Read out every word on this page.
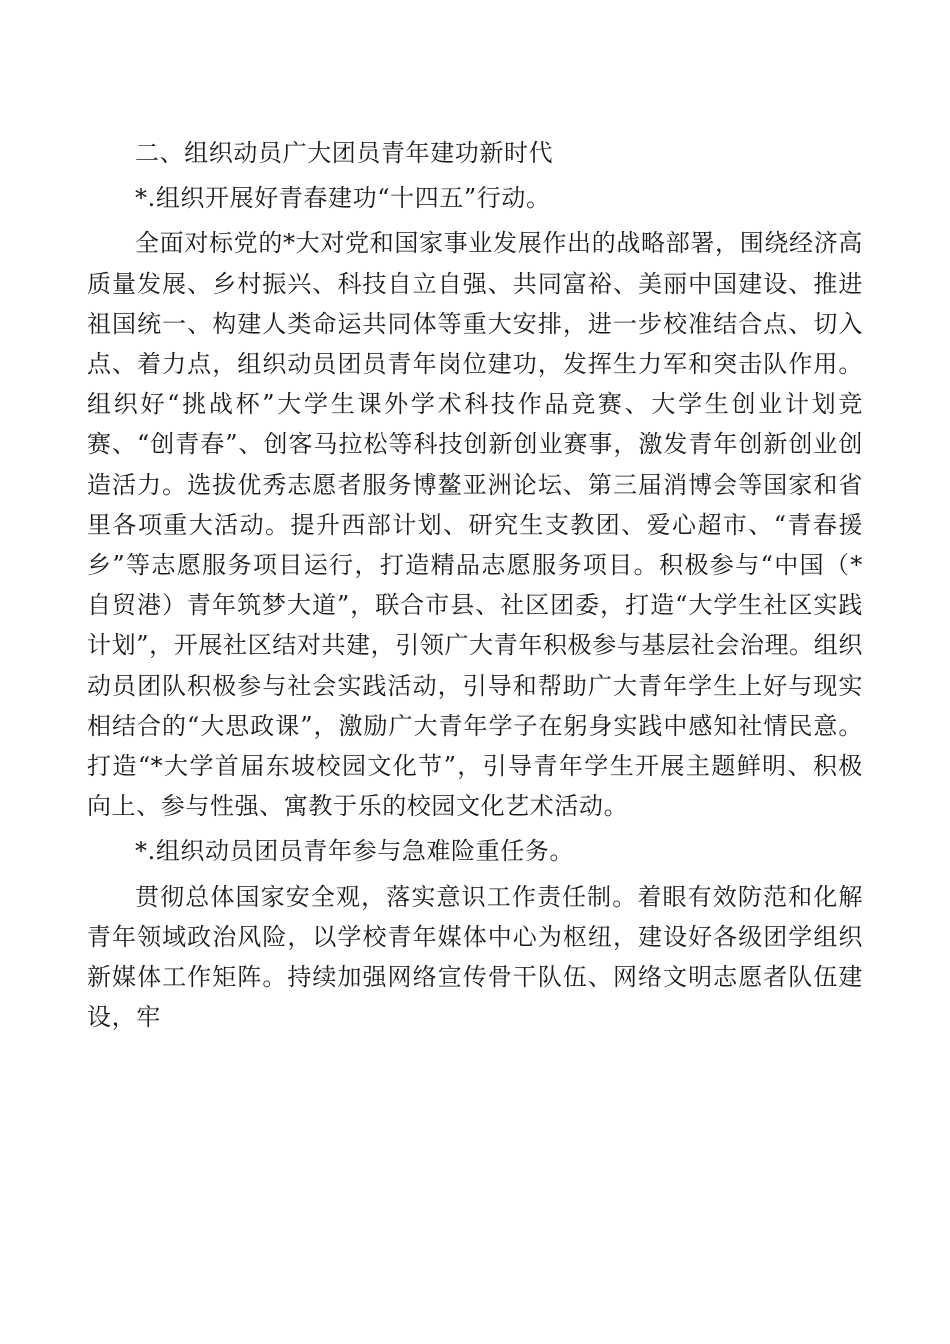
二、组织动员广大团员青年建功新时代

*.组织开展好青春建功“十四五”行动。

全面对标党的*大对党和国家事业发展作出的战略部署，围绕经济高质量发展、乡村振兴、科技自立自强、共同富裕、美丽中国建设、推进祖国统一、构建人类命运共同体等重大安排，进一步校准结合点、切入点、着力点，组织动员团员青年岗位建功，发挥生力军和突击队作用。组织好“挑战杯”大学生课外学术科技作品竞赛、大学生创业计划竞赛、“创青春”、创客马拉松等科技创新创业赛事，激发青年创新创业创造活力。选拔优秀志愿者服务博鳌亚洲论坛、第三届消博会等国家和省里各项重大活动。提升西部计划、研究生支教团、爱心超市、“青春援乡”等志愿服务项目运行，打造精品志愿服务项目。积极参与“中国（*自贸港）青年筑梦大道”，联合市县、社区团委，打造“大学生社区实践计划”，开展社区结对共建，引领广大青年积极参与基层社会治理。组织动员团队积极参与社会实践活动，引导和帮助广大青年学生上好与现实相结合的“大思政课”，激励广大青年学子在躬身实践中感知社情民意。打造“*大学首届东坡校园文化节”，引导青年学生开展主题鲜明、积极向上、参与性强、寓教于乐的校园文化艺术活动。

*.组织动员团员青年参与急难险重任务。

贯彻总体国家安全观，落实意识工作责任制。着眼有效防范和化解青年领域政治风险，以学校青年媒体中心为枢纽，建设好各级团学组织新媒体工作矩阵。持续加强网络宣传骨干队伍、网络文明志愿者队伍建设，牢
